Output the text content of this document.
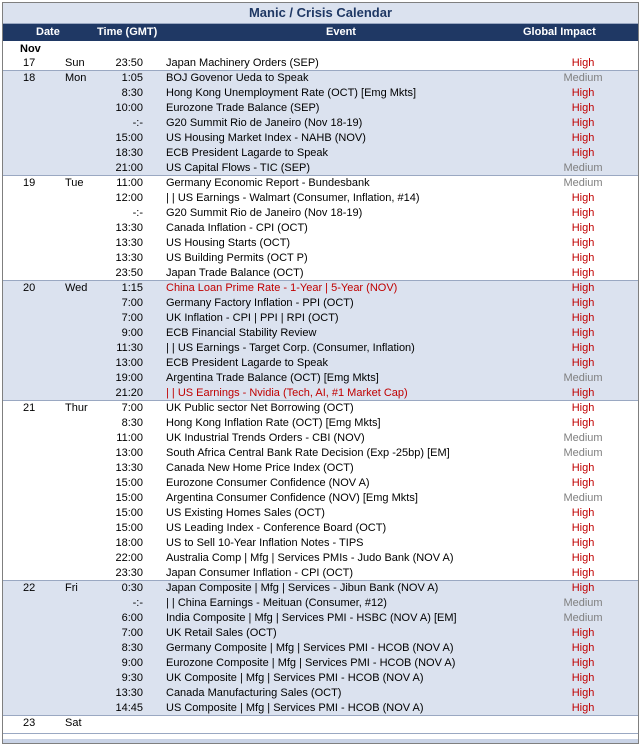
Manic / Crisis Calendar
Date	Time (GMT)	Event	Global Impact Potential
Nov
17	Sun	23:50 Japan Machinery Orders (SEP)	High
18	Mon	1:05 BOJ Govenor Ueda to Speak	Medium
8:30 Hong Kong Unemployment Rate (OCT) [Emg Mkts]	High
10:00 Eurozone Trade Balance (SEP)	High
-:- G20 Summit Rio de Janeiro (Nov 18-19)	High
15:00 US Housing Market Index - NAHB (NOV)	High
18:30 ECB President Lagarde to Speak	High
21:00 US Capital Flows - TIC (SEP)	Medium
19	Tue	11:00 Germany Economic Report - Bundesbank	Medium
12:00 | | US Earnings - Walmart (Consumer, Inflation, #14)	High
-:- G20 Summit Rio de Janeiro (Nov 18-19)	High
13:30 Canada Inflation - CPI (OCT)	High
13:30 US Housing Starts (OCT)	High
13:30 US Building Permits (OCT P)	High
23:50 Japan Trade Balance (OCT)	High
20	Wed	1:15 China Loan Prime Rate - 1-Year | 5-Year (NOV)	High
7:00 Germany Factory Inflation - PPI (OCT)	High
7:00 UK Inflation - CPI | PPI | RPI (OCT)	High
9:00 ECB Financial Stability Review	High
11:30 | | US Earnings - Target Corp. (Consumer, Inflation)	High
13:00 ECB President Lagarde to Speak	High
19:00 Argentina Trade Balance (OCT) [Emg Mkts]	Medium
21:20 | | US Earnings - Nvidia (Tech, AI, #1 Market Cap)	High
21	Thur	7:00 UK Public sector Net Borrowing (OCT)	High
8:30 Hong Kong Inflation Rate (OCT) [Emg Mkts]	High
11:00 UK Industrial Trends Orders - CBI (NOV)	Medium
13:00 South Africa Central Bank Rate Decision (Exp -25bp) [EM]	Medium
13:30 Canada New Home Price Index (OCT)	High
15:00 Eurozone Consumer Confidence (NOV A)	High
15:00 Argentina Consumer Confidence (NOV) [Emg Mkts]	Medium
15:00 US Existing Homes Sales (OCT)	High
15:00 US Leading Index - Conference Board (OCT)	High
18:00 US to Sell 10-Year Inflation Notes - TIPS	High
22:00 Australia Comp | Mfg | Services PMIs - Judo Bank (NOV A)	High
23:30 Japan Consumer Inflation - CPI (OCT)	High
22	Fri	0:30 Japan Composite | Mfg | Services - Jibun Bank (NOV A)	High
-:- | | China Earnings - Meituan (Consumer, #12)	Medium
6:00 India Composite | Mfg | Services PMI - HSBC (NOV A) [EM]	Medium
7:00 UK Retail Sales (OCT)	High
8:30 Germany Composite | Mfg | Services PMI - HCOB (NOV A)	High
9:00 Eurozone Composite | Mfg | Services PMI - HCOB (NOV A)	High
9:30 UK Composite | Mfg | Services PMI - HCOB (NOV A)	High
13:30 Canada Manufacturing Sales (OCT)	High
14:45 US Composite | Mfg | Services PMI - HCOB (NOV A)	High
23	Sat
